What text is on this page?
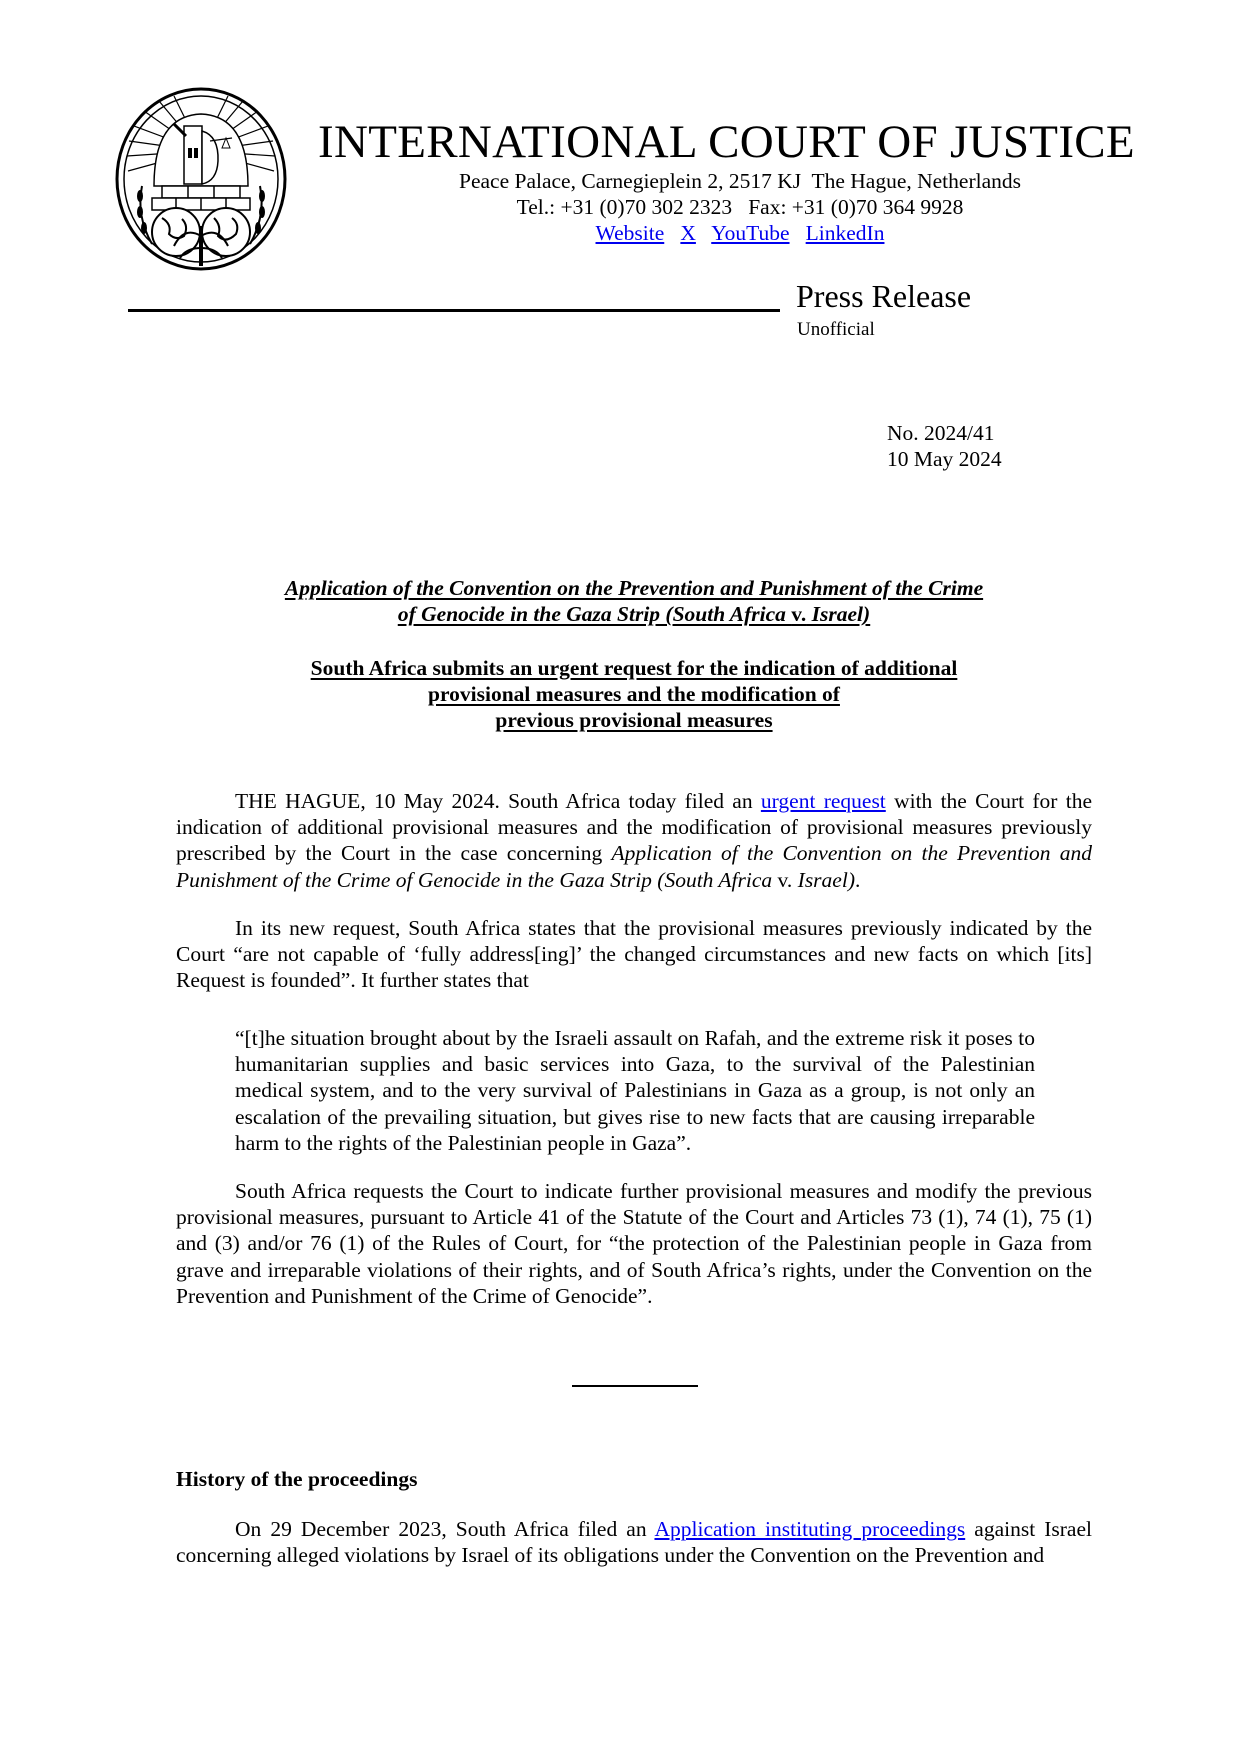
INTERNATIONAL COURT OF JUSTICE
Peace Palace, Carnegieplein 2, 2517 KJ  The Hague, Netherlands
Tel.: +31 (0)70 302 2323   Fax: +31 (0)70 364 9928
Website X YouTube LinkedIn
Press Release
Unofficial
No. 2024/41
10 May 2024
Application of the Convention on the Prevention and Punishment of the Crime
of Genocide in the Gaza Strip (South Africa v. Israel)
South Africa submits an urgent request for the indication of additional
provisional measures and the modification of
previous provisional measures
THE HAGUE, 10 May 2024. South Africa today filed an urgent request with the Court for the indication of additional provisional measures and the modification of provisional measures previously prescribed by the Court in the case concerning Application of the Convention on the Prevention and Punishment of the Crime of Genocide in the Gaza Strip (South Africa v. Israel).
In its new request, South Africa states that the provisional measures previously indicated by the Court “are not capable of ‘fully address[ing]’ the changed circumstances and new facts on which [its] Request is founded”. It further states that
“[t]he situation brought about by the Israeli assault on Rafah, and the extreme risk it poses to humanitarian supplies and basic services into Gaza, to the survival of the Palestinian medical system, and to the very survival of Palestinians in Gaza as a group, is not only an escalation of the prevailing situation, but gives rise to new facts that are causing irreparable harm to the rights of the Palestinian people in Gaza”.
South Africa requests the Court to indicate further provisional measures and modify the previous provisional measures, pursuant to Article 41 of the Statute of the Court and Articles 73 (1), 74 (1), 75 (1) and (3) and/or 76 (1) of the Rules of Court, for “the protection of the Palestinian people in Gaza from grave and irreparable violations of their rights, and of South Africa’s rights, under the Convention on the Prevention and Punishment of the Crime of Genocide”.
History of the proceedings
On 29 December 2023, South Africa filed an Application instituting proceedings against Israel concerning alleged violations by Israel of its obligations under the Convention on the Prevention and
